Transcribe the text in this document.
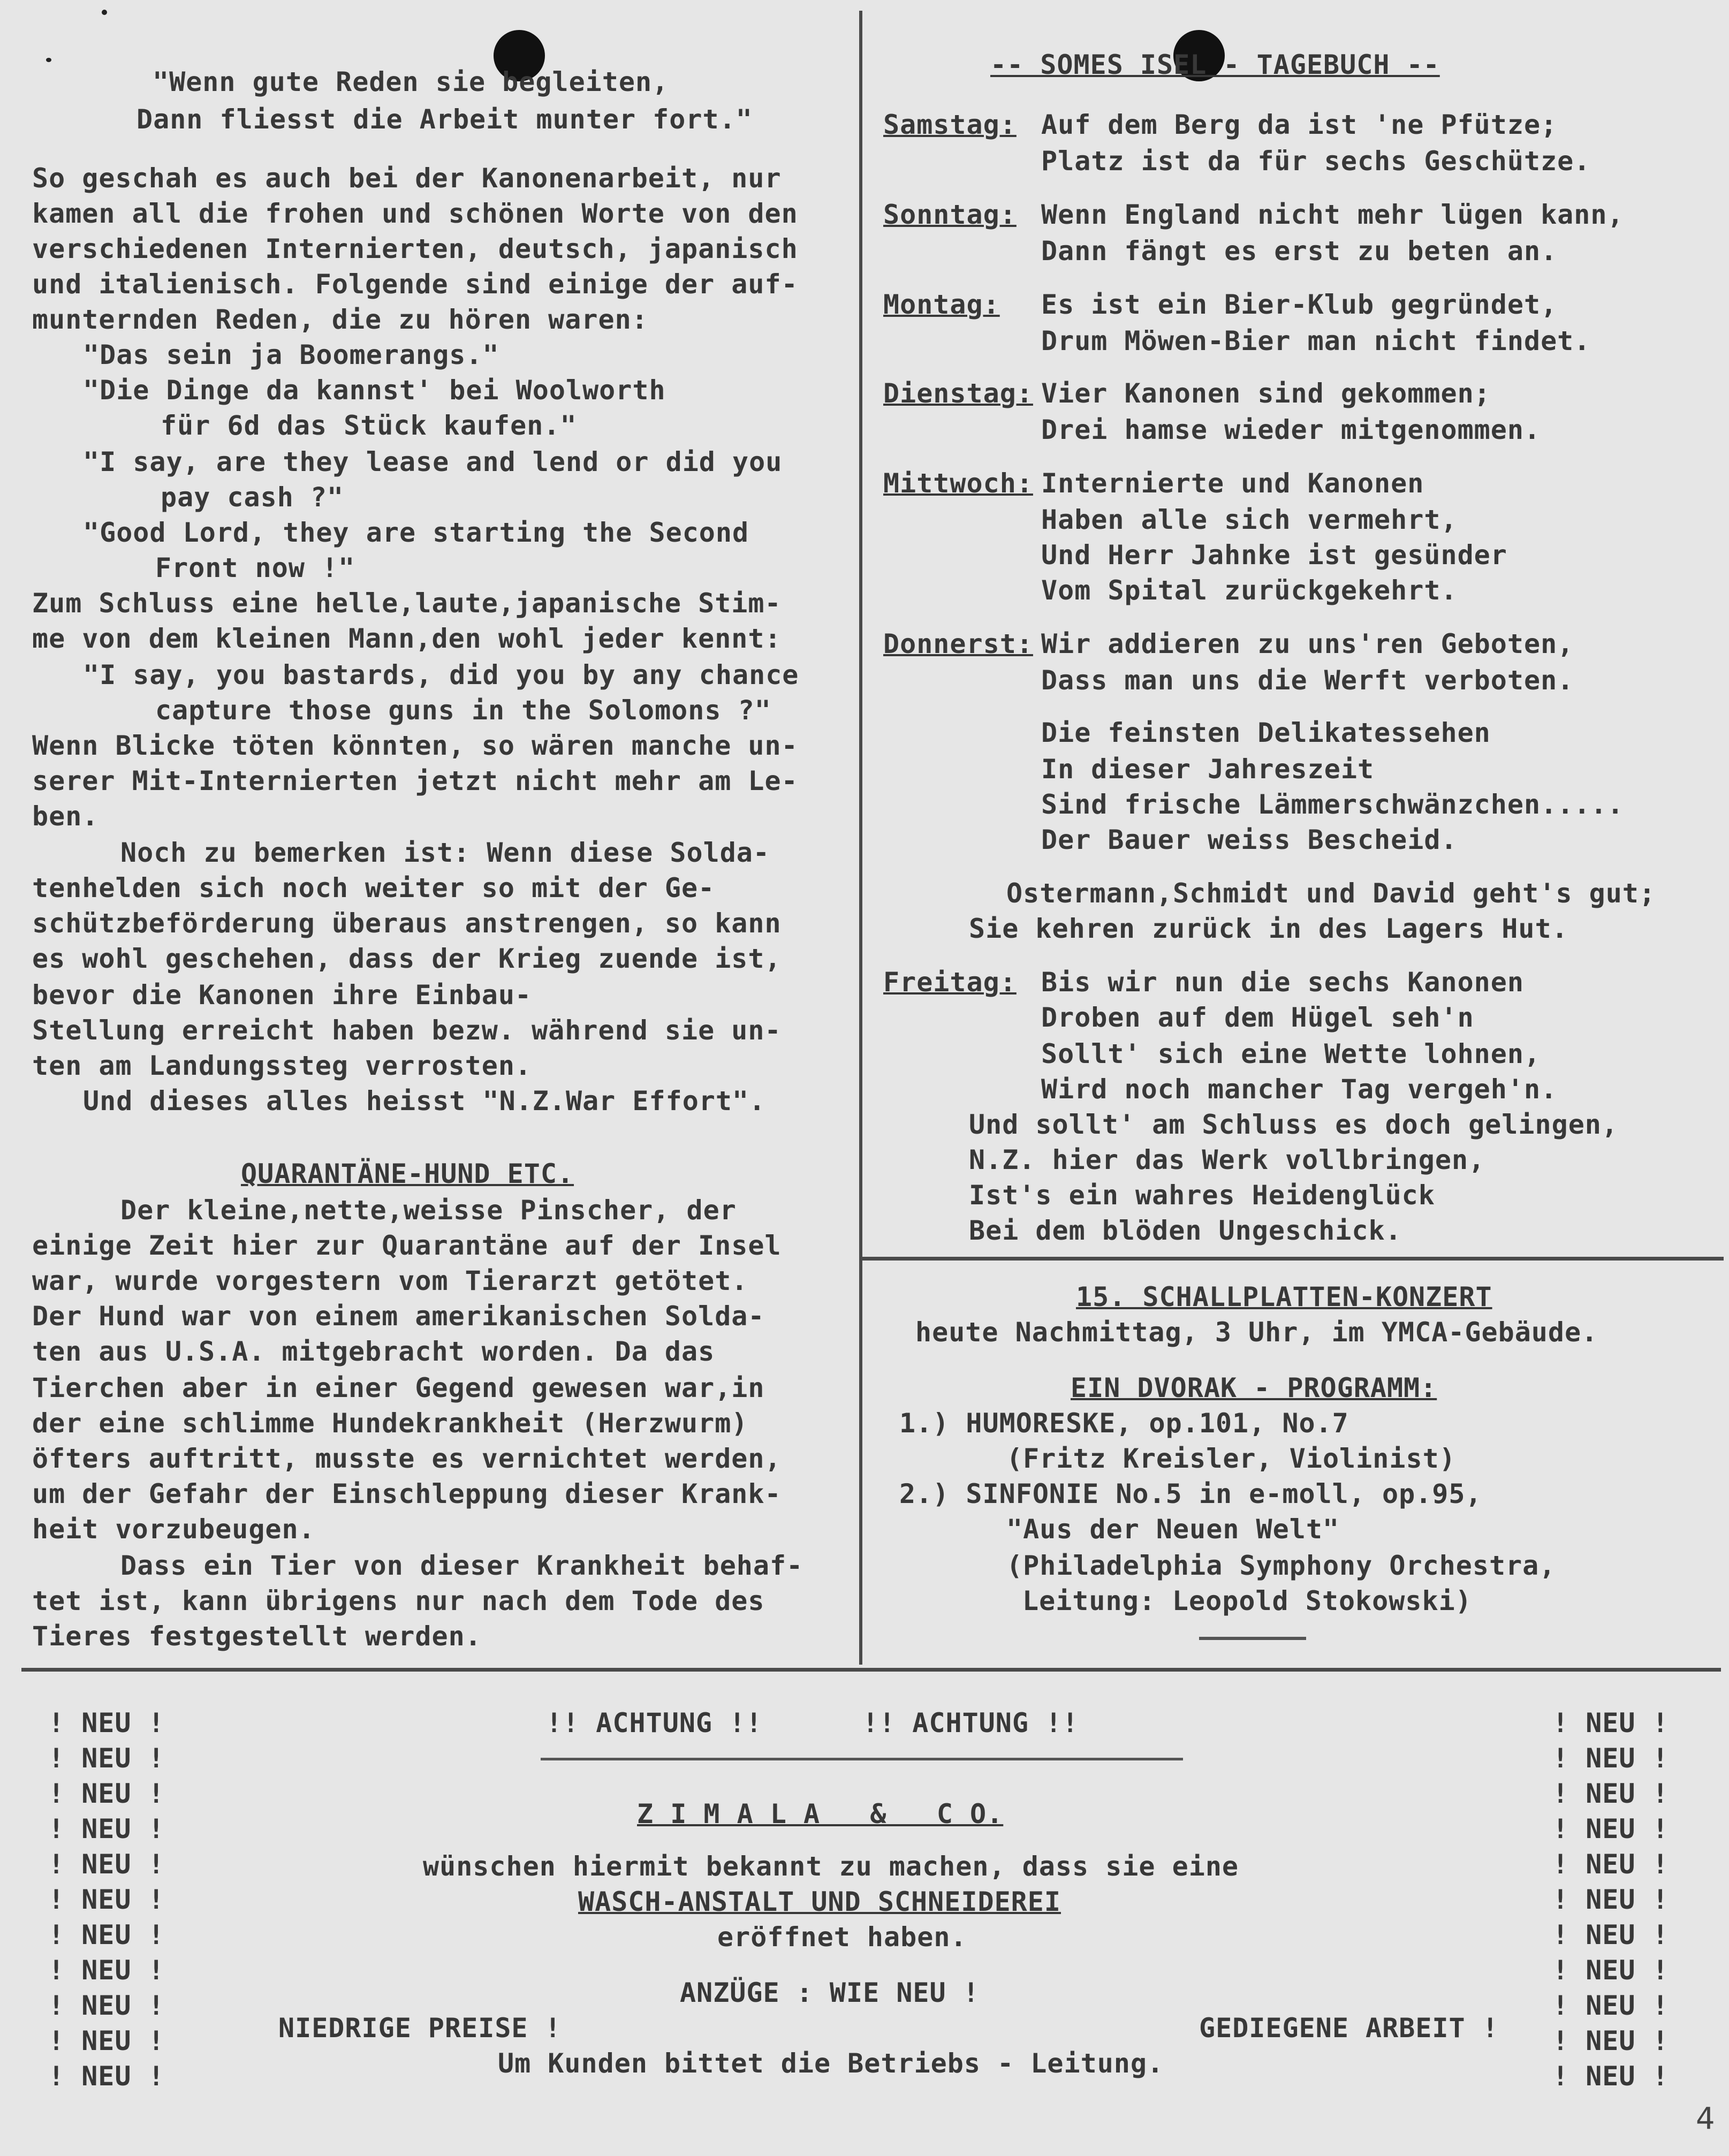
"Wenn gute Reden sie begleiten,
Dann fliesst die Arbeit munter fort."
So geschah es auch bei der Kanonenarbeit, nur
kamen all die frohen und schönen Worte von den
verschiedenen Internierten, deutsch, japanisch
und italienisch. Folgende sind einige der auf-
munternden Reden, die zu hören waren:
"Das sein ja Boomerangs."
"Die Dinge da kannst' bei Woolworth
für 6d das Stück kaufen."
"I say, are they lease and lend or did you
pay cash ?"
"Good Lord, they are starting the Second
Front now !"
Zum Schluss eine helle,laute,japanische Stim-
me von dem kleinen Mann,den wohl jeder kennt:
"I say, you bastards, did you by any chance
capture those guns in the Solomons ?"
Wenn Blicke töten könnten, so wären manche un-
serer Mit-Internierten jetzt nicht mehr am Le-
ben.
Noch zu bemerken ist: Wenn diese Solda-
tenhelden sich noch weiter so mit der Ge-
schützbeförderung überaus anstrengen, so kann
es wohl geschehen, dass der Krieg zuende ist,
bevor die Kanonen ihre Einbau-
Stellung erreicht haben bezw. während sie un-
ten am Landungssteg verrosten.
Und dieses alles heisst "N.Z.War Effort".
QUARANTÄNE-HUND ETC.
Der kleine,nette,weisse Pinscher, der
einige Zeit hier zur Quarantäne auf der Insel
war, wurde vorgestern vom Tierarzt getötet.
Der Hund war von einem amerikanischen Solda-
ten aus U.S.A. mitgebracht worden. Da das
Tierchen aber in einer Gegend gewesen war,in
der eine schlimme Hundekrankheit (Herzwurm)
öfters auftritt, musste es vernichtet werden,
um der Gefahr der Einschleppung dieser Krank-
heit vorzubeugen.
Dass ein Tier von dieser Krankheit behaf-
tet ist, kann übrigens nur nach dem Tode des
Tieres festgestellt werden.
-- SOMES ISEL - TAGEBUCH --
Samstag: Auf dem Berg da ist 'ne Pfütze;
Platz ist da für sechs Geschütze.
Sonntag: Wenn England nicht mehr lügen kann,
Dann fängt es erst zu beten an.
Montag: Es ist ein Bier-Klub gegründet,
Drum Möwen-Bier man nicht findet.
Dienstag: Vier Kanonen sind gekommen;
Drei hamse wieder mitgenommen.
Mittwoch: Internierte und Kanonen
Haben alle sich vermehrt,
Und Herr Jahnke ist gesünder
Vom Spital zurückgekehrt.
Donnerst: Wir addieren zu uns'ren Geboten,
Dass man uns die Werft verboten.
Die feinsten Delikatessehen
In dieser Jahreszeit
Sind frische Lämmerschwänzchen.....
Der Bauer weiss Bescheid.
Ostermann,Schmidt und David geht's gut;
Sie kehren zurück in des Lagers Hut.
Freitag: Bis wir nun die sechs Kanonen
Droben auf dem Hügel seh'n
Sollt' sich eine Wette lohnen,
Wird noch mancher Tag vergeh'n.
Und sollt' am Schluss es doch gelingen,
N.Z. hier das Werk vollbringen,
Ist's ein wahres Heidenglück
Bei dem blöden Ungeschick.
15. SCHALLPLATTEN-KONZERT
heute Nachmittag, 3 Uhr, im YMCA-Gebäude.
EIN DVORAK - PROGRAMM:
1.) HUMORESKE, op.101, No.7
(Fritz Kreisler, Violinist)
2.) SINFONIE No.5 in e-moll, op.95,
"Aus der Neuen Welt"
(Philadelphia Symphony Orchestra,
Leitung: Leopold Stokowski)
! NEU !
! NEU !
! NEU !
! NEU !
! NEU !
! NEU !
! NEU !
! NEU !
! NEU !
! NEU !
! NEU !
! NEU !
! NEU !
! NEU !
! NEU !
! NEU !
! NEU !
! NEU !
! NEU !
! NEU !
! NEU !
! NEU !
!! ACHTUNG !!      !! ACHTUNG !!
Z I M A L A   &   C O.
wünschen hiermit bekannt zu machen, dass sie eine
WASCH-ANSTALT UND SCHNEIDEREI
eröffnet haben.
ANZÜGE : WIE NEU !
NIEDRIGE PREISE !	GEDIEGENE ARBEIT !
Um Kunden bittet die Betriebs - Leitung.
4
